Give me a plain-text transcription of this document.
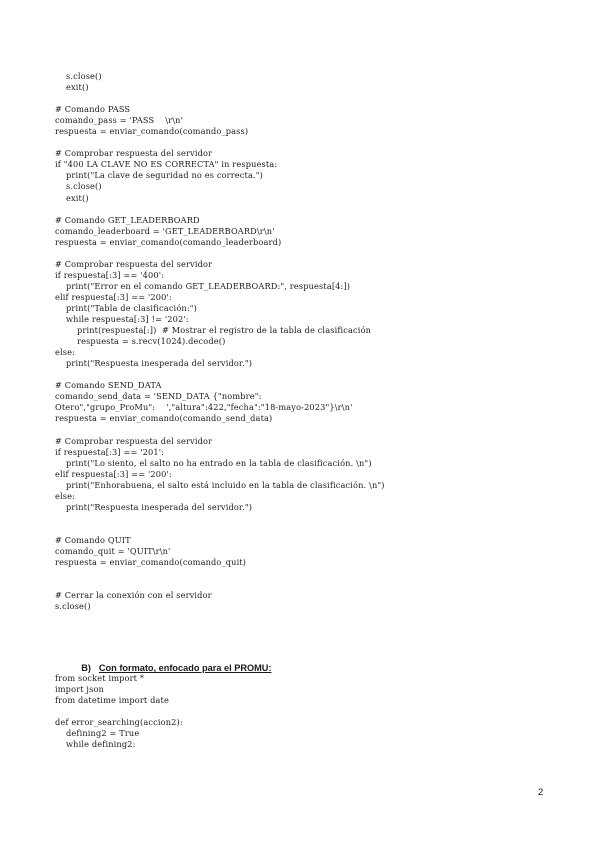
s.close()
exit()

# Comando PASS
comando_pass = 'PASS    \r\n'
respuesta = enviar_comando(comando_pass)

# Comprobar respuesta del servidor
if "400 LA CLAVE NO ES CORRECTA" in respuesta:
print("La clave de seguridad no es correcta.")
s.close()
exit()

# Comando GET_LEADERBOARD
comando_leaderboard = 'GET_LEADERBOARD\r\n'
respuesta = enviar_comando(comando_leaderboard)

# Comprobar respuesta del servidor
if respuesta[:3] == '400':
print("Error en el comando GET_LEADERBOARD:", respuesta[4:])
elif respuesta[:3] == '200':
print("Tabla de clasificación:")
while respuesta[:3] != '202':
print(respuesta[:])  # Mostrar el registro de la tabla de clasificación
respuesta = s.recv(1024).decode()
else:
print("Respuesta inesperada del servidor.")

# Comando SEND_DATA
comando_send_data = 'SEND_DATA {"nombre":
Otero","grupo_ProMu":    ',"altura":422,"fecha":"18-mayo-2023"}\r\n'
respuesta = enviar_comando(comando_send_data)

# Comprobar respuesta del servidor
if respuesta[:3] == '201':
print("Lo siento, el salto no ha entrado en la tabla de clasificación. \n")
elif respuesta[:3] == '200':
print("Enhorabuena, el salto está incluido en la tabla de clasificación. \n")
else:
print("Respuesta inesperada del servidor.")

# Comando QUIT
comando_quit = 'QUIT\r\n'
respuesta = enviar_comando(comando_quit)

# Cerrar la conexión con el servidor
s.close()

B) Con formato, enfocado para el PROMU:

from socket import *
import json
from datetime import date

def error_searching(accion2):
defining2 = True
while defining2:
2
